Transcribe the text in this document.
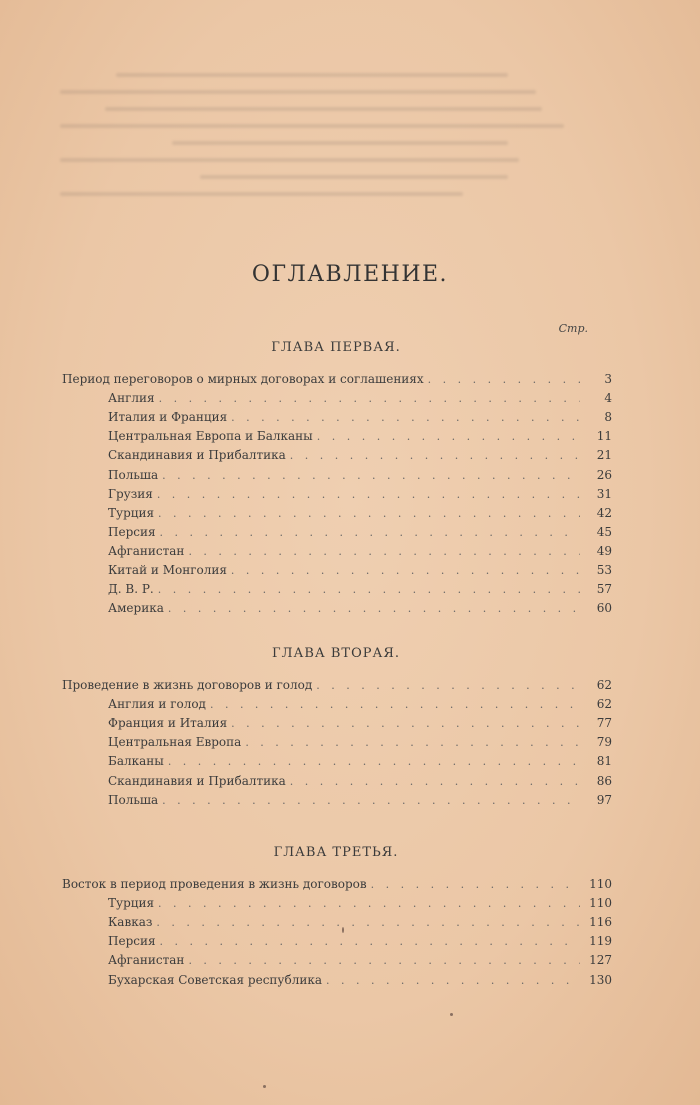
ОГЛАВЛЕНИЕ.
Стр.
ГЛАВА ПЕРВАЯ.
Период переговоров о мирных договорах и соглашениях . . .	3
Англия . . .	4
Италия и Франция . . .	8
Центральная Европа и Балканы . . .	11
Скандинавия и Прибалтика . . .	21
Польша . . .	26
Грузия . . .	31
Турция . . .	42
Персия . . .	45
Афганистан . . .	49
Китай и Монголия . . .	53
Д. В. Р. . . .	57
Америка . . .	60
ГЛАВА ВТОРАЯ.
Проведение в жизнь договоров и голод . . .	62
Англия и голод . . .	62
Франция и Италия . . .	77
Центральная Европа . . .	79
Балканы . . .	81
Скандинавия и Прибалтика . . .	86
Польша . . .	97
ГЛАВА ТРЕТЬЯ.
Восток в период проведения в жизнь договоров . . .	110
Турция . . .	110
Кавказ . . .	116
Персия . . .	119
Афганистан . . .	127
Бухарская Советская республика . . .	130
